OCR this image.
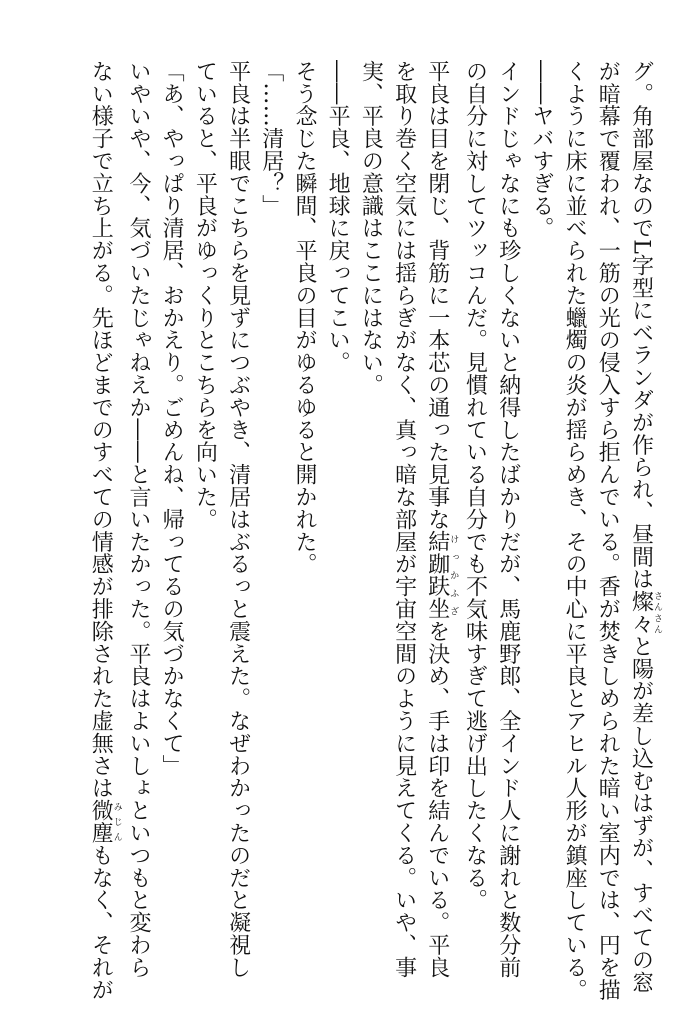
グ。角部屋なのでL字型にベランダが作られ、昼間は燦々さんさんと陽が差し込むはずが、すべての窓
が暗幕で覆われ、一筋の光の侵入すら拒んでいる。香が焚きしめられた暗い室内では、円を描
くように床に並べられた蠟燭の炎が揺らめき、その中心に平良とアヒル人形が鎮座している。
――ヤバすぎる。
インドじゃなにも珍しくないと納得したばかりだが、馬鹿野郎、全インド人に謝れと数分前
の自分に対してツッコんだ。見慣れている自分でも不気味すぎて逃げ出したくなる。
平良は目を閉じ、背筋に一本芯の通った見事な結跏趺坐けっかふざを決め、手は印を結んでいる。平良
を取り巻く空気には揺らぎがなく、真っ暗な部屋が宇宙空間のように見えてくる。いや、事
実、平良の意識はここにはない。
――平良、地球に戻ってこい。
そう念じた瞬間、平良の目がゆるゆると開かれた。
「……清居？」
平良は半眼でこちらを見ずにつぶやき、清居はぶるっと震えた。なぜわかったのだと凝視し
ていると、平良がゆっくりとこちらを向いた。
「あ、やっぱり清居、おかえり。ごめんね、帰ってるの気づかなくて」
いやいや、今、気づいたじゃねえか――と言いたかった。平良はよいしょといつもと変わら
ない様子で立ち上がる。先ほどまでのすべての情感が排除された虚無さは微塵みじんもなく、それが
